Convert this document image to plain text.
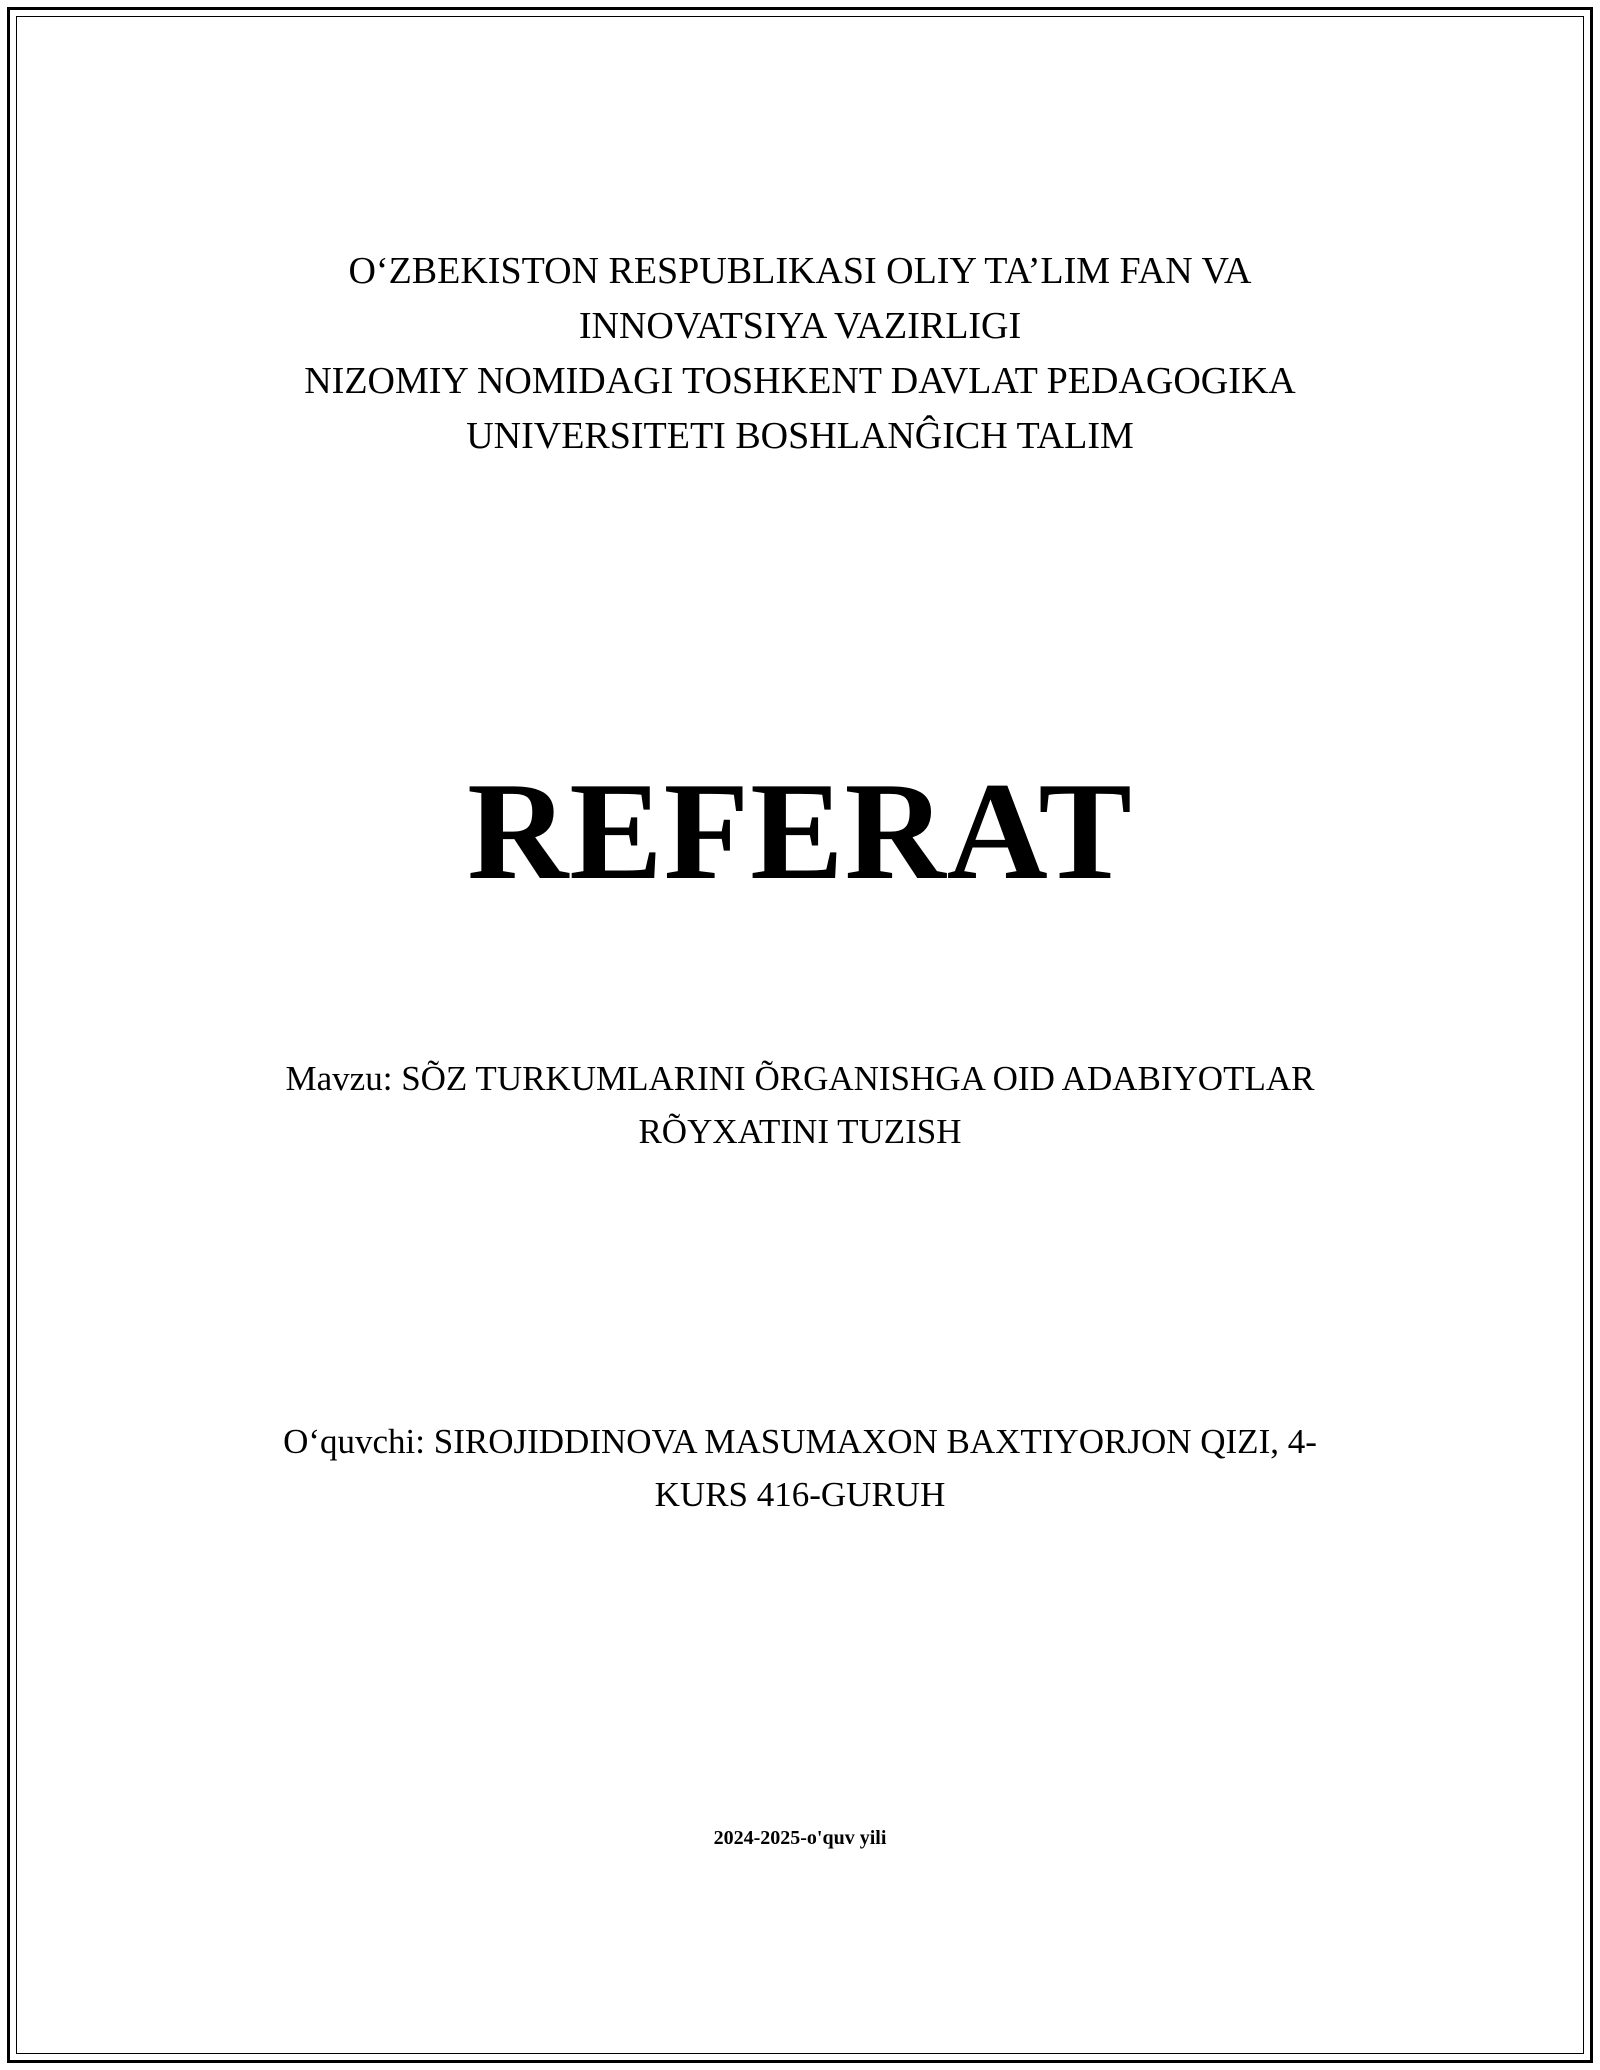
O‘ZBEKISTON RESPUBLIKASI OLIY TA’LIM FAN VA
INNOVATSIYA VAZIRLIGI
NIZOMIY NOMIDAGI TOSHKENT DAVLAT PEDAGOGIKA
UNIVERSITETI BOSHLANĜICH TALIM
REFERAT
Mavzu: SÕZ TURKUMLARINI ÕRGANISHGA OID ADABIYOTLAR
RÕYXATINI TUZISH
O‘quvchi: SIROJIDDINOVA MASUMAXON BAXTIYORJON QIZI, 4-
KURS 416-GURUH
2024-2025-o'quv yili
